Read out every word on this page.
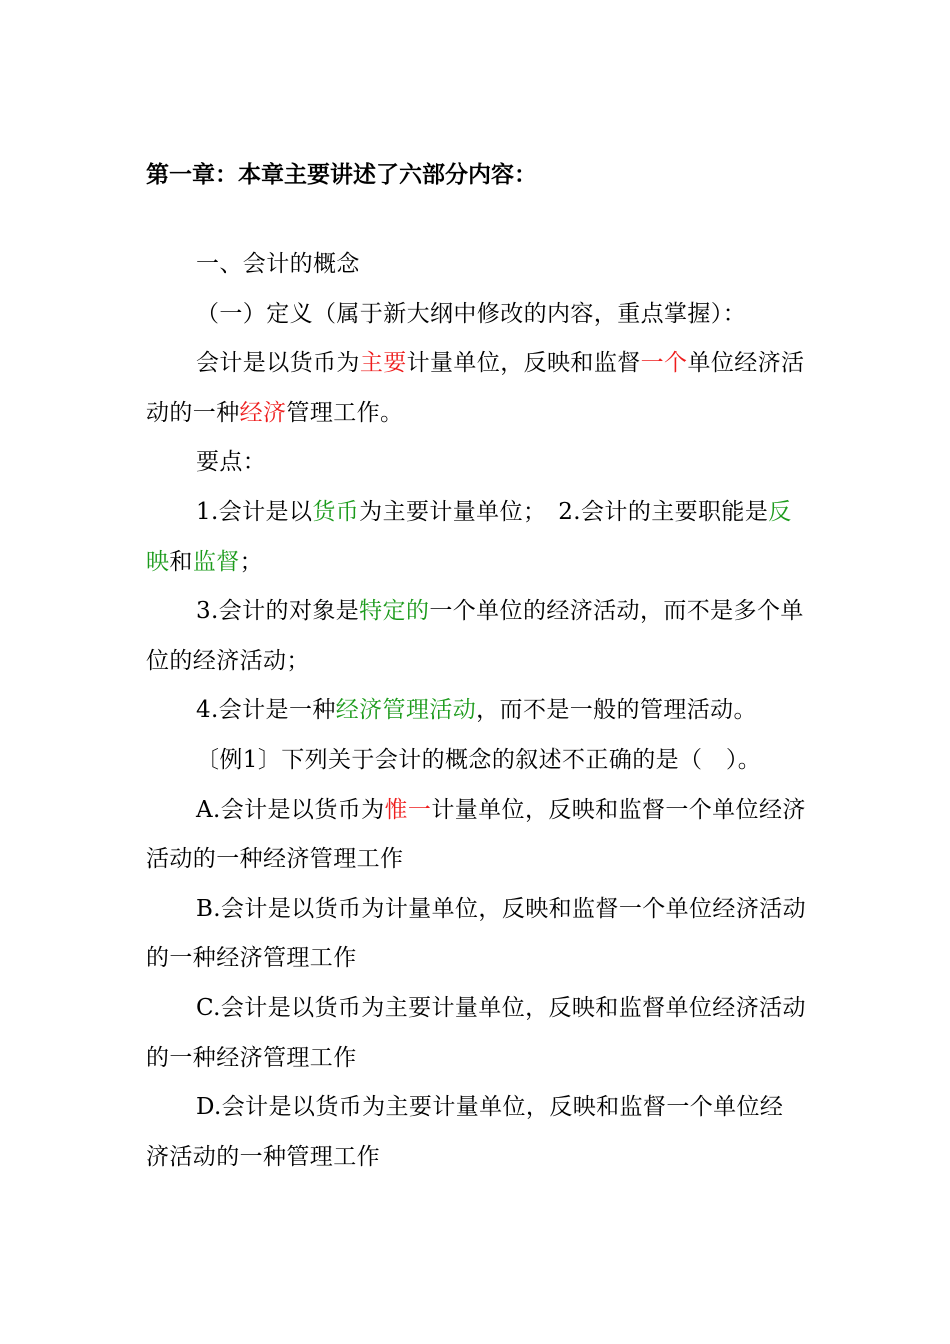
第一章：本章主要讲述了六部分内容：

一、会计的概念

（一）定义（属于新大纲中修改的内容，重点掌握）：

会计是以货币为主要计量单位，反映和监督一个单位经济活动的一种经济管理工作。

要点：

1.会计是以货币为主要计量单位；　2.会计的主要职能是反映和监督；

3.会计的对象是特定的一个单位的经济活动，而不是多个单位的经济活动；

4.会计是一种经济管理活动，而不是一般的管理活动。

〔例1〕下列关于会计的概念的叙述不正确的是（　）。

A.会计是以货币为惟一计量单位，反映和监督一个单位经济活动的一种经济管理工作

B.会计是以货币为计量单位，反映和监督一个单位经济活动的一种经济管理工作

C.会计是以货币为主要计量单位，反映和监督单位经济活动的一种经济管理工作

D.会计是以货币为主要计量单位，反映和监督一个单位经济活动的一种管理工作
